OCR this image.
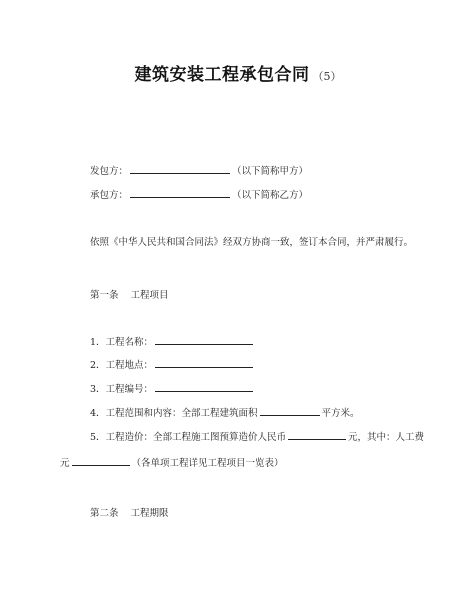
建筑安装工程承包合同 （5）
发包方：	（以下简称甲方）
承包方：	（以下简称乙方）
依照《中华人民共和国合同法》经双方协商一致，签订本合同，并严肃履行。
第一条 工程项目
1．工程名称：
2．工程地点：
3．工程编号：
4．工程范围和内容：全部工程建筑面积	平方米。
5．工程造价：全部工程施工图预算造价人民币	元，其中：人工费
元	（各单项工程详见工程项目一览表）
第二条 工程期限
